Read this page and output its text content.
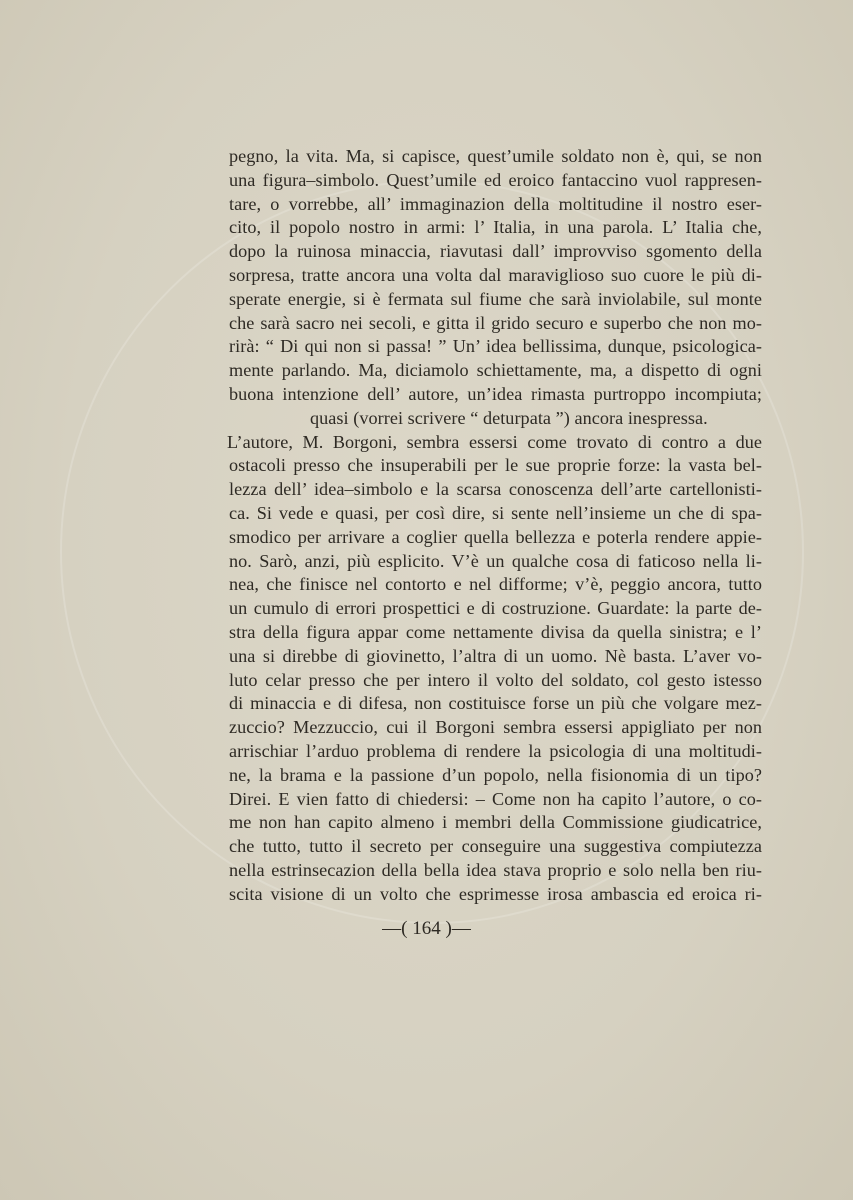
pegno, la vita. Ma, si capisce, quest’umile soldato non è, qui, se non
una figura–simbolo. Quest’umile ed eroico fantaccino vuol rappresen-
tare, o vorrebbe, all’ immaginazion della moltitudine il nostro eser-
cito, il popolo nostro in armi: l’ Italia, in una parola. L’ Italia che,
dopo la ruinosa minaccia, riavutasi dall’ improvviso sgomento della
sorpresa, tratte ancora una volta dal maraviglioso suo cuore le più di-
sperate energie, si è fermata sul fiume che sarà inviolabile, sul monte
che sarà sacro nei secoli, e gitta il grido securo e superbo che non mo-
rirà: “ Di qui non si passa! ” Un’ idea bellissima, dunque, psicologica-
mente parlando. Ma, diciamolo schiettamente, ma, a dispetto di ogni
buona intenzione dell’ autore, un’idea rimasta purtroppo incompiuta;
quasi (vorrei scrivere “ deturpata ”) ancora inespressa.
L’autore, M. Borgoni, sembra essersi come trovato di contro a due
ostacoli presso che insuperabili per le sue proprie forze: la vasta bel-
lezza dell’ idea–simbolo e la scarsa conoscenza dell’arte cartellonisti-
ca. Si vede e quasi, per così dire, si sente nell’insieme un che di spa-
smodico per arrivare a coglier quella bellezza e poterla rendere appie-
no. Sarò, anzi, più esplicito. V’è un qualche cosa di faticoso nella li-
nea, che finisce nel contorto e nel difforme; v’è, peggio ancora, tutto
un cumulo di errori prospettici e di costruzione. Guardate: la parte de-
stra della figura appar come nettamente divisa da quella sinistra; e l’
una si direbbe di giovinetto, l’altra di un uomo. Nè basta. L’aver vo-
luto celar presso che per intero il volto del soldato, col gesto istesso
di minaccia e di difesa, non costituisce forse un più che volgare mez-
zuccio? Mezzuccio, cui il Borgoni sembra essersi appigliato per non
arrischiar l’arduo problema di rendere la psicologia di una moltitudi-
ne, la brama e la passione d’un popolo, nella fisionomia di un tipo?
Direi. E vien fatto di chiedersi: – Come non ha capito l’autore, o co-
me non han capito almeno i membri della Commissione giudicatrice,
che tutto, tutto il secreto per conseguire una suggestiva compiutezza
nella estrinsecazion della bella idea stava proprio e solo nella ben riu-
scita visione di un volto che esprimesse irosa ambascia ed eroica ri-
—( 164 )—
